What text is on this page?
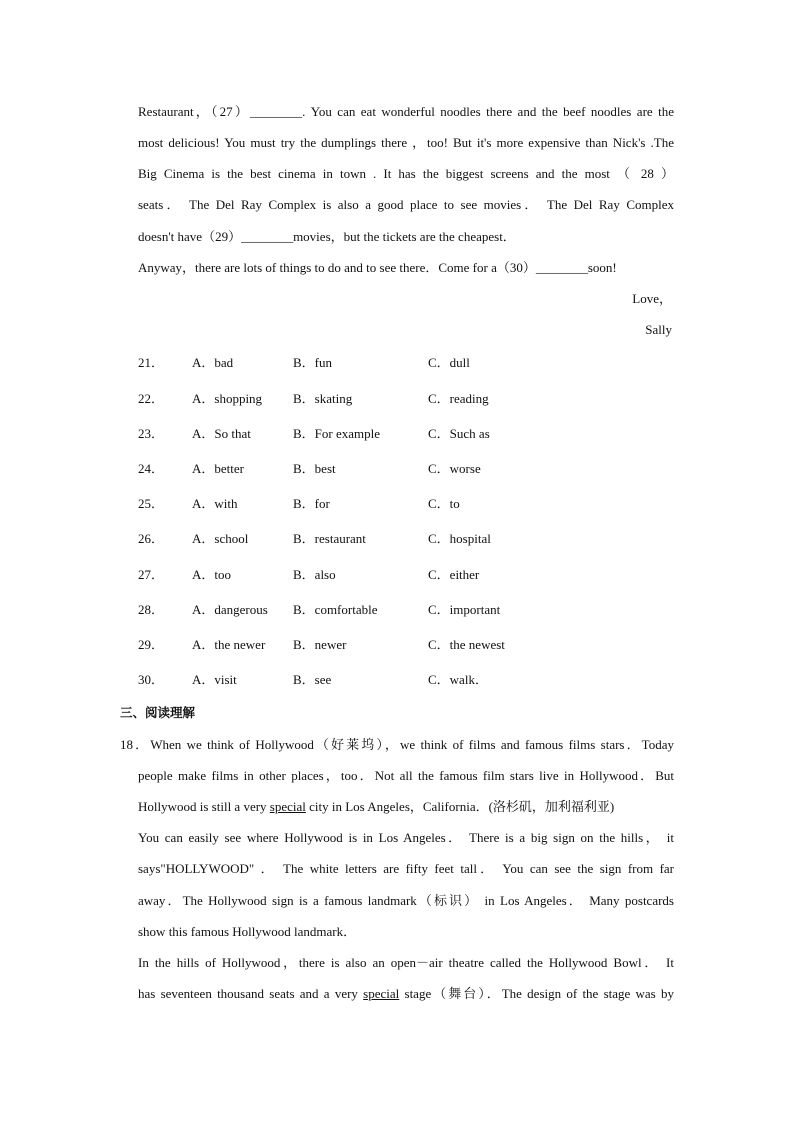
Restaurant，（27）________. You can eat wonderful noodles there and the beef noodles are the
most delicious! You must try the dumplings there ，too! But it's more expensive than Nick's .The
Big Cinema is the best cinema in town . It has the biggest screens and the most （ 28 ）
seats． The Del Ray Complex is also a good place to see movies． The Del Ray Complex
doesn't have（29）________movies，but the tickets are the cheapest．
Anyway，there are lots of things to do and to see there．Come for a（30）________soon!
Love，
Sally
21． A．bad	B．fun	C．dull
22． A．shopping B．skating	C．reading
23． A．So that	B．For example	C．Such as
24． A．better	B．best	C．worse
25． A．with	B．for	C．to
26． A．school	B．restaurant	C．hospital
27． A．too	B．also	C．either
28． A．dangerous B．comfortable	C．important
29． A．the newer B．newer	C．the newest
30． A．visit	B．see	C．walk．
三、阅读理解
18．When we think of Hollywood（好莱坞），we think of films and famous films stars．Today
people make films in other places，too．Not all the famous film stars live in Hollywood．But
Hollywood is still a very special city in Los Angeles，California．(洛杉矶，加利福利亚)
You can easily see where Hollywood is in Los Angeles． There is a big sign on the hills， it
says"HOLLYWOOD" ． The white letters are fifty feet tall． You can see the sign from far
away．The Hollywood sign is a famous landmark（标识） in Los Angeles． Many postcards
show this famous Hollywood landmark．
In the hills of Hollywood，there is also an open－air theatre called the Hollywood Bowl． It
has seventeen thousand seats and a very special stage（舞台）．The design of the stage was by
